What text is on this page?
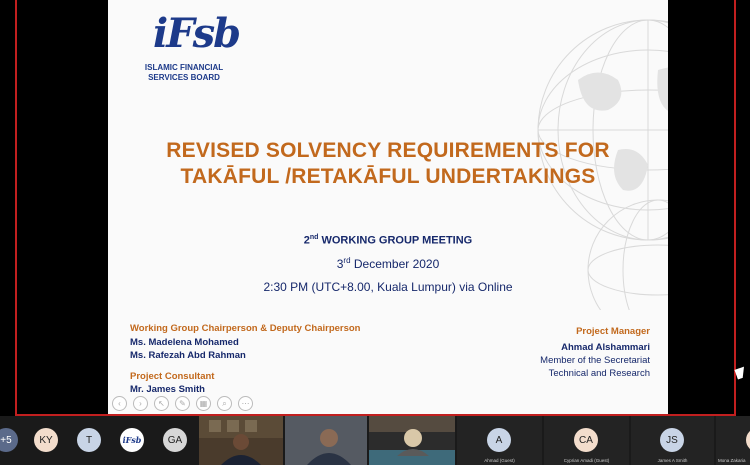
iFsb
ISLAMIC FINANCIAL
SERVICES BOARD
REVISED SOLVENCY REQUIREMENTS FOR
TAKĀFUL /RETAKĀFUL UNDERTAKINGS
2nd WORKING GROUP MEETING
3rd December 2020
2:30 PM (UTC+8.00, Kuala Lumpur) via Online
Working Group Chairperson & Deputy Chairperson
Ms. Madelena Mohamed
Ms. Rafezah Abd Rahman
Project Consultant
Mr. James Smith
Project Manager
Ahmad Alshammari
Member of the Secretariat
Technical and Research
‹	›	↖	✎	▦	⌕	⋯
+5	KY	T	iFsb	GA	A
Ahmad (Guest)
CA
Cyprian Amadi (Guest)
JS
James A Smith	Mona Zakaria
